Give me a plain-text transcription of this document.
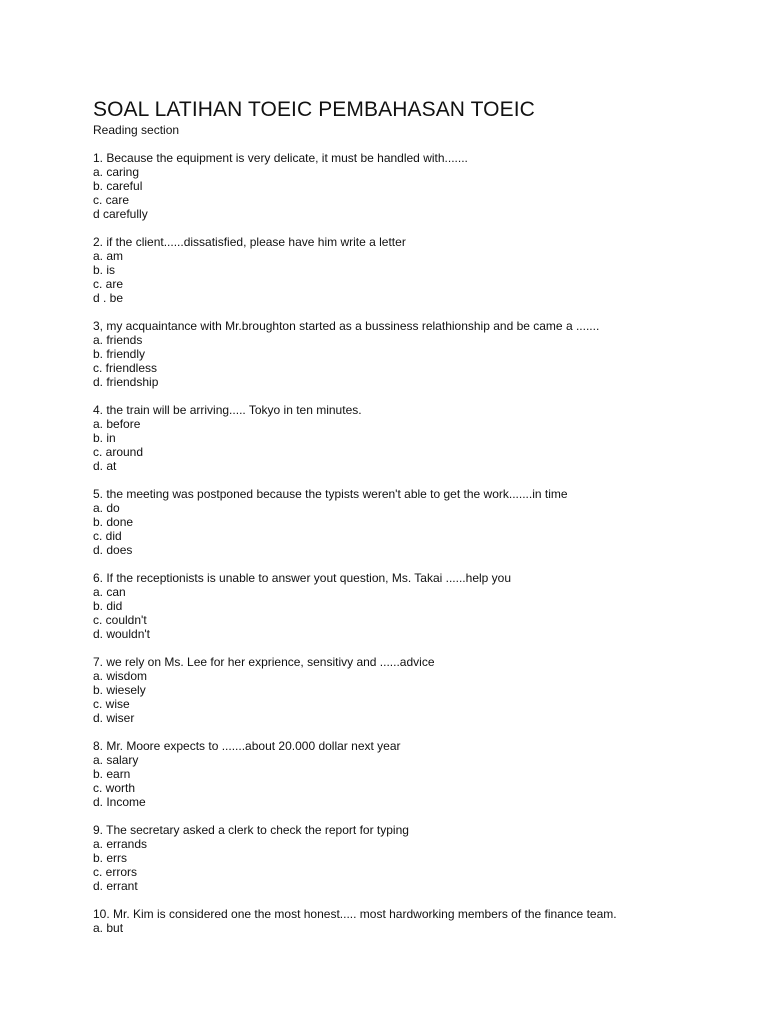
SOAL LATIHAN TOEIC PEMBAHASAN TOEIC

Reading section

1. Because the equipment is very delicate, it must be handled with.......

a. caring

b. careful

c. care

d carefully

2. if the client......dissatisfied, please have him write a letter

a. am

b. is

c. are

d . be

3, my acquaintance with Mr.broughton started as a bussiness relathionship and be came a .......

a. friends

b. friendly

c. friendless

d. friendship

4. the train will be arriving..... Tokyo in ten minutes.

a. before

b. in

c. around

d. at

5. the meeting was postponed because the typists weren't able to get the work.......in time

a. do

b. done

c. did

d. does

6. If the receptionists is unable to answer yout question, Ms. Takai ......help you

a. can

b. did

c. couldn't

d. wouldn't

7. we rely on Ms. Lee for her exprience, sensitivy and ......advice

a. wisdom

b. wiesely

c. wise

d. wiser

8. Mr. Moore expects to .......about 20.000 dollar next year

a. salary

b. earn

c. worth

d. Income

9. The secretary asked a clerk to check the report for typing

a. errands

b. errs

c. errors

d. errant

10. Mr. Kim is considered one the most honest..... most hardworking members of the finance team.

a. but
